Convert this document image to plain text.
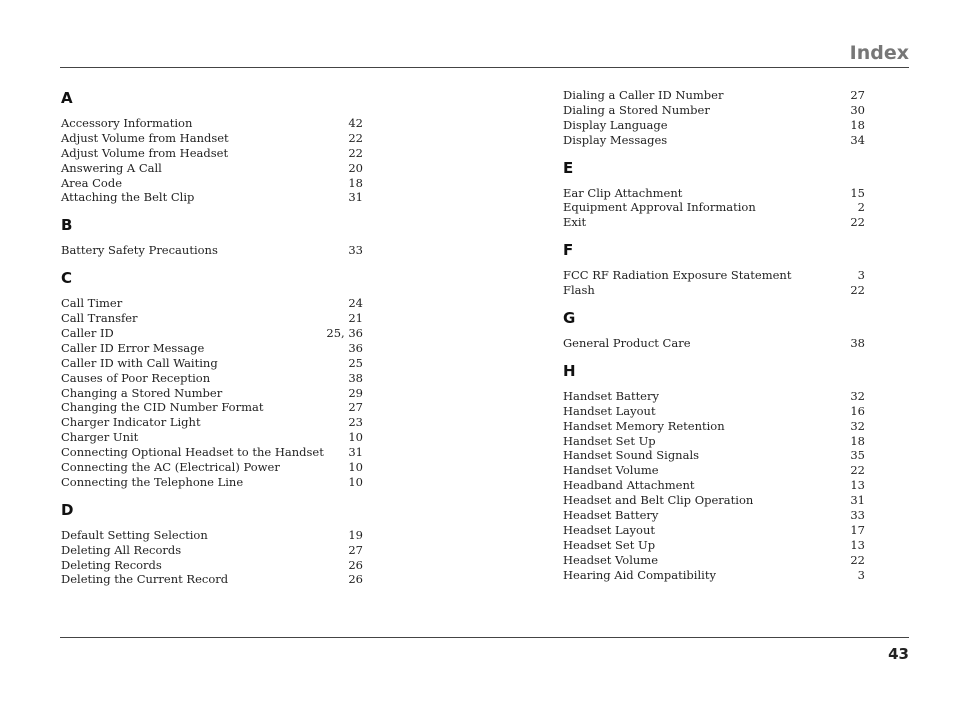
Index
A
Accessory Information	42
Adjust Volume from Handset	22
Adjust Volume from Headset	22
Answering A Call	20
Area Code	18
Attaching the Belt Clip	31
B
Battery Safety Precautions	33
C
Call Timer	24
Call Transfer	21
Caller ID	25, 36
Caller ID Error Message	36
Caller ID with Call Waiting	25
Causes of Poor Reception	38
Changing a Stored Number	29
Changing the CID Number Format	27
Charger Indicator Light	23
Charger Unit	10
Connecting Optional Headset to the Handset 31
Connecting the AC (Electrical) Power	10
Connecting the Telephone Line	10
D
Default Setting Selection	19
Deleting All Records	27
Deleting Records	26
Deleting the Current Record	26
Dialing a Caller ID Number	27
Dialing a Stored Number	30
Display Language	18
Display Messages	34
E
Ear Clip Attachment	15
Equipment Approval Information	2
Exit	22
F
FCC RF Radiation Exposure Statement	3
Flash	22
G
General Product Care	38
H
Handset Battery	32
Handset Layout	16
Handset Memory Retention	32
Handset Set Up	18
Handset Sound Signals	35
Handset Volume	22
Headband Attachment	13
Headset and Belt Clip Operation	31
Headset Battery	33
Headset Layout	17
Headset Set Up	13
Headset Volume	22
Hearing Aid Compatibility	3
43
